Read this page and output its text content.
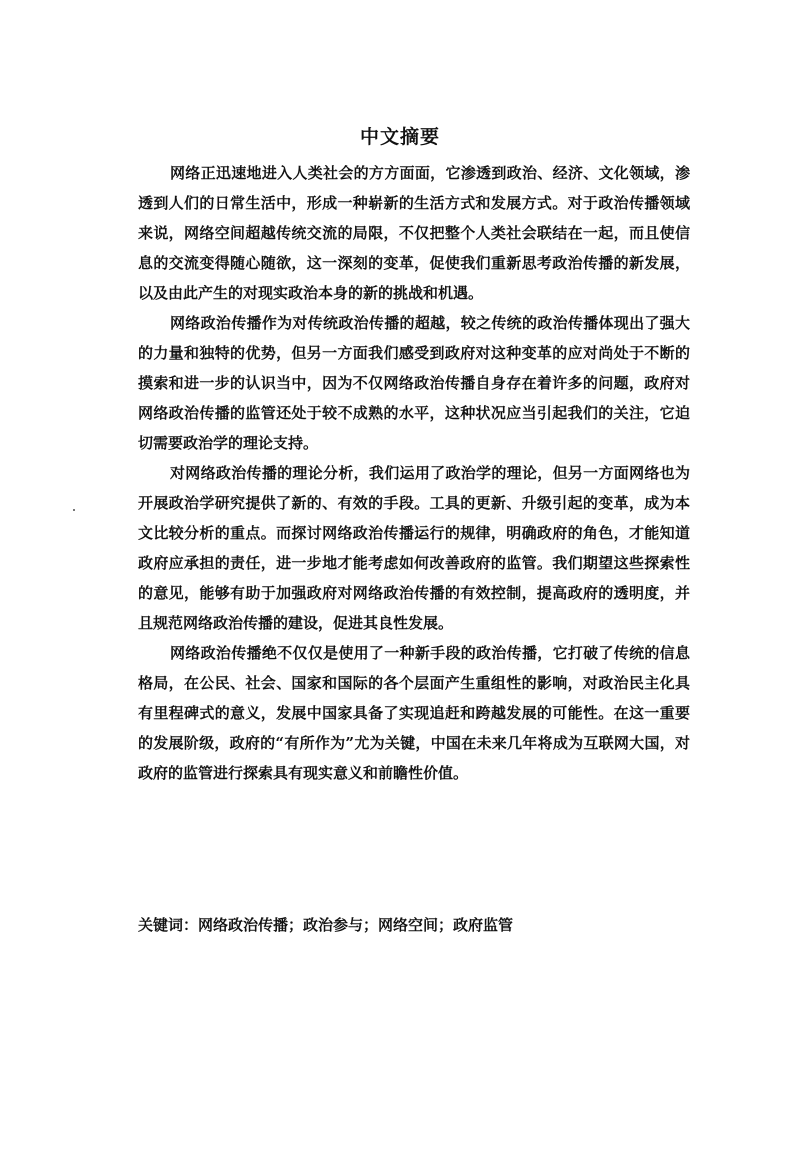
中文摘要

网络正迅速地进入人类社会的方方面面，它渗透到政治、经济、文化领域，渗透到人们的日常生活中，形成一种崭新的生活方式和发展方式。对于政治传播领域来说，网络空间超越传统交流的局限，不仅把整个人类社会联结在一起，而且使信息的交流变得随心随欲，这一深刻的变革，促使我们重新思考政治传播的新发展，以及由此产生的对现实政治本身的新的挑战和机遇。

网络政治传播作为对传统政治传播的超越，较之传统的政治传播体现出了强大的力量和独特的优势，但另一方面我们感受到政府对这种变革的应对尚处于不断的摸索和进一步的认识当中，因为不仅网络政治传播自身存在着许多的问题，政府对网络政治传播的监管还处于较不成熟的水平，这种状况应当引起我们的关注，它迫切需要政治学的理论支持。

对网络政治传播的理论分析，我们运用了政治学的理论，但另一方面网络也为开展政治学研究提供了新的、有效的手段。工具的更新、升级引起的变革，成为本文比较分析的重点。而探讨网络政治传播运行的规律，明确政府的角色，才能知道政府应承担的责任，进一步地才能考虑如何改善政府的监管。我们期望这些探索性的意见，能够有助于加强政府对网络政治传播的有效控制，提高政府的透明度，并且规范网络政治传播的建设，促进其良性发展。

网络政治传播绝不仅仅是使用了一种新手段的政治传播，它打破了传统的信息格局，在公民、社会、国家和国际的各个层面产生重组性的影响，对政治民主化具有里程碑式的意义，发展中国家具备了实现追赶和跨越发展的可能性。在这一重要的发展阶级，政府的“有所作为”尤为关键，中国在未来几年将成为互联网大国，对政府的监管进行探索具有现实意义和前瞻性价值。

关键词：网络政治传播；政治参与；网络空间；政府监管
